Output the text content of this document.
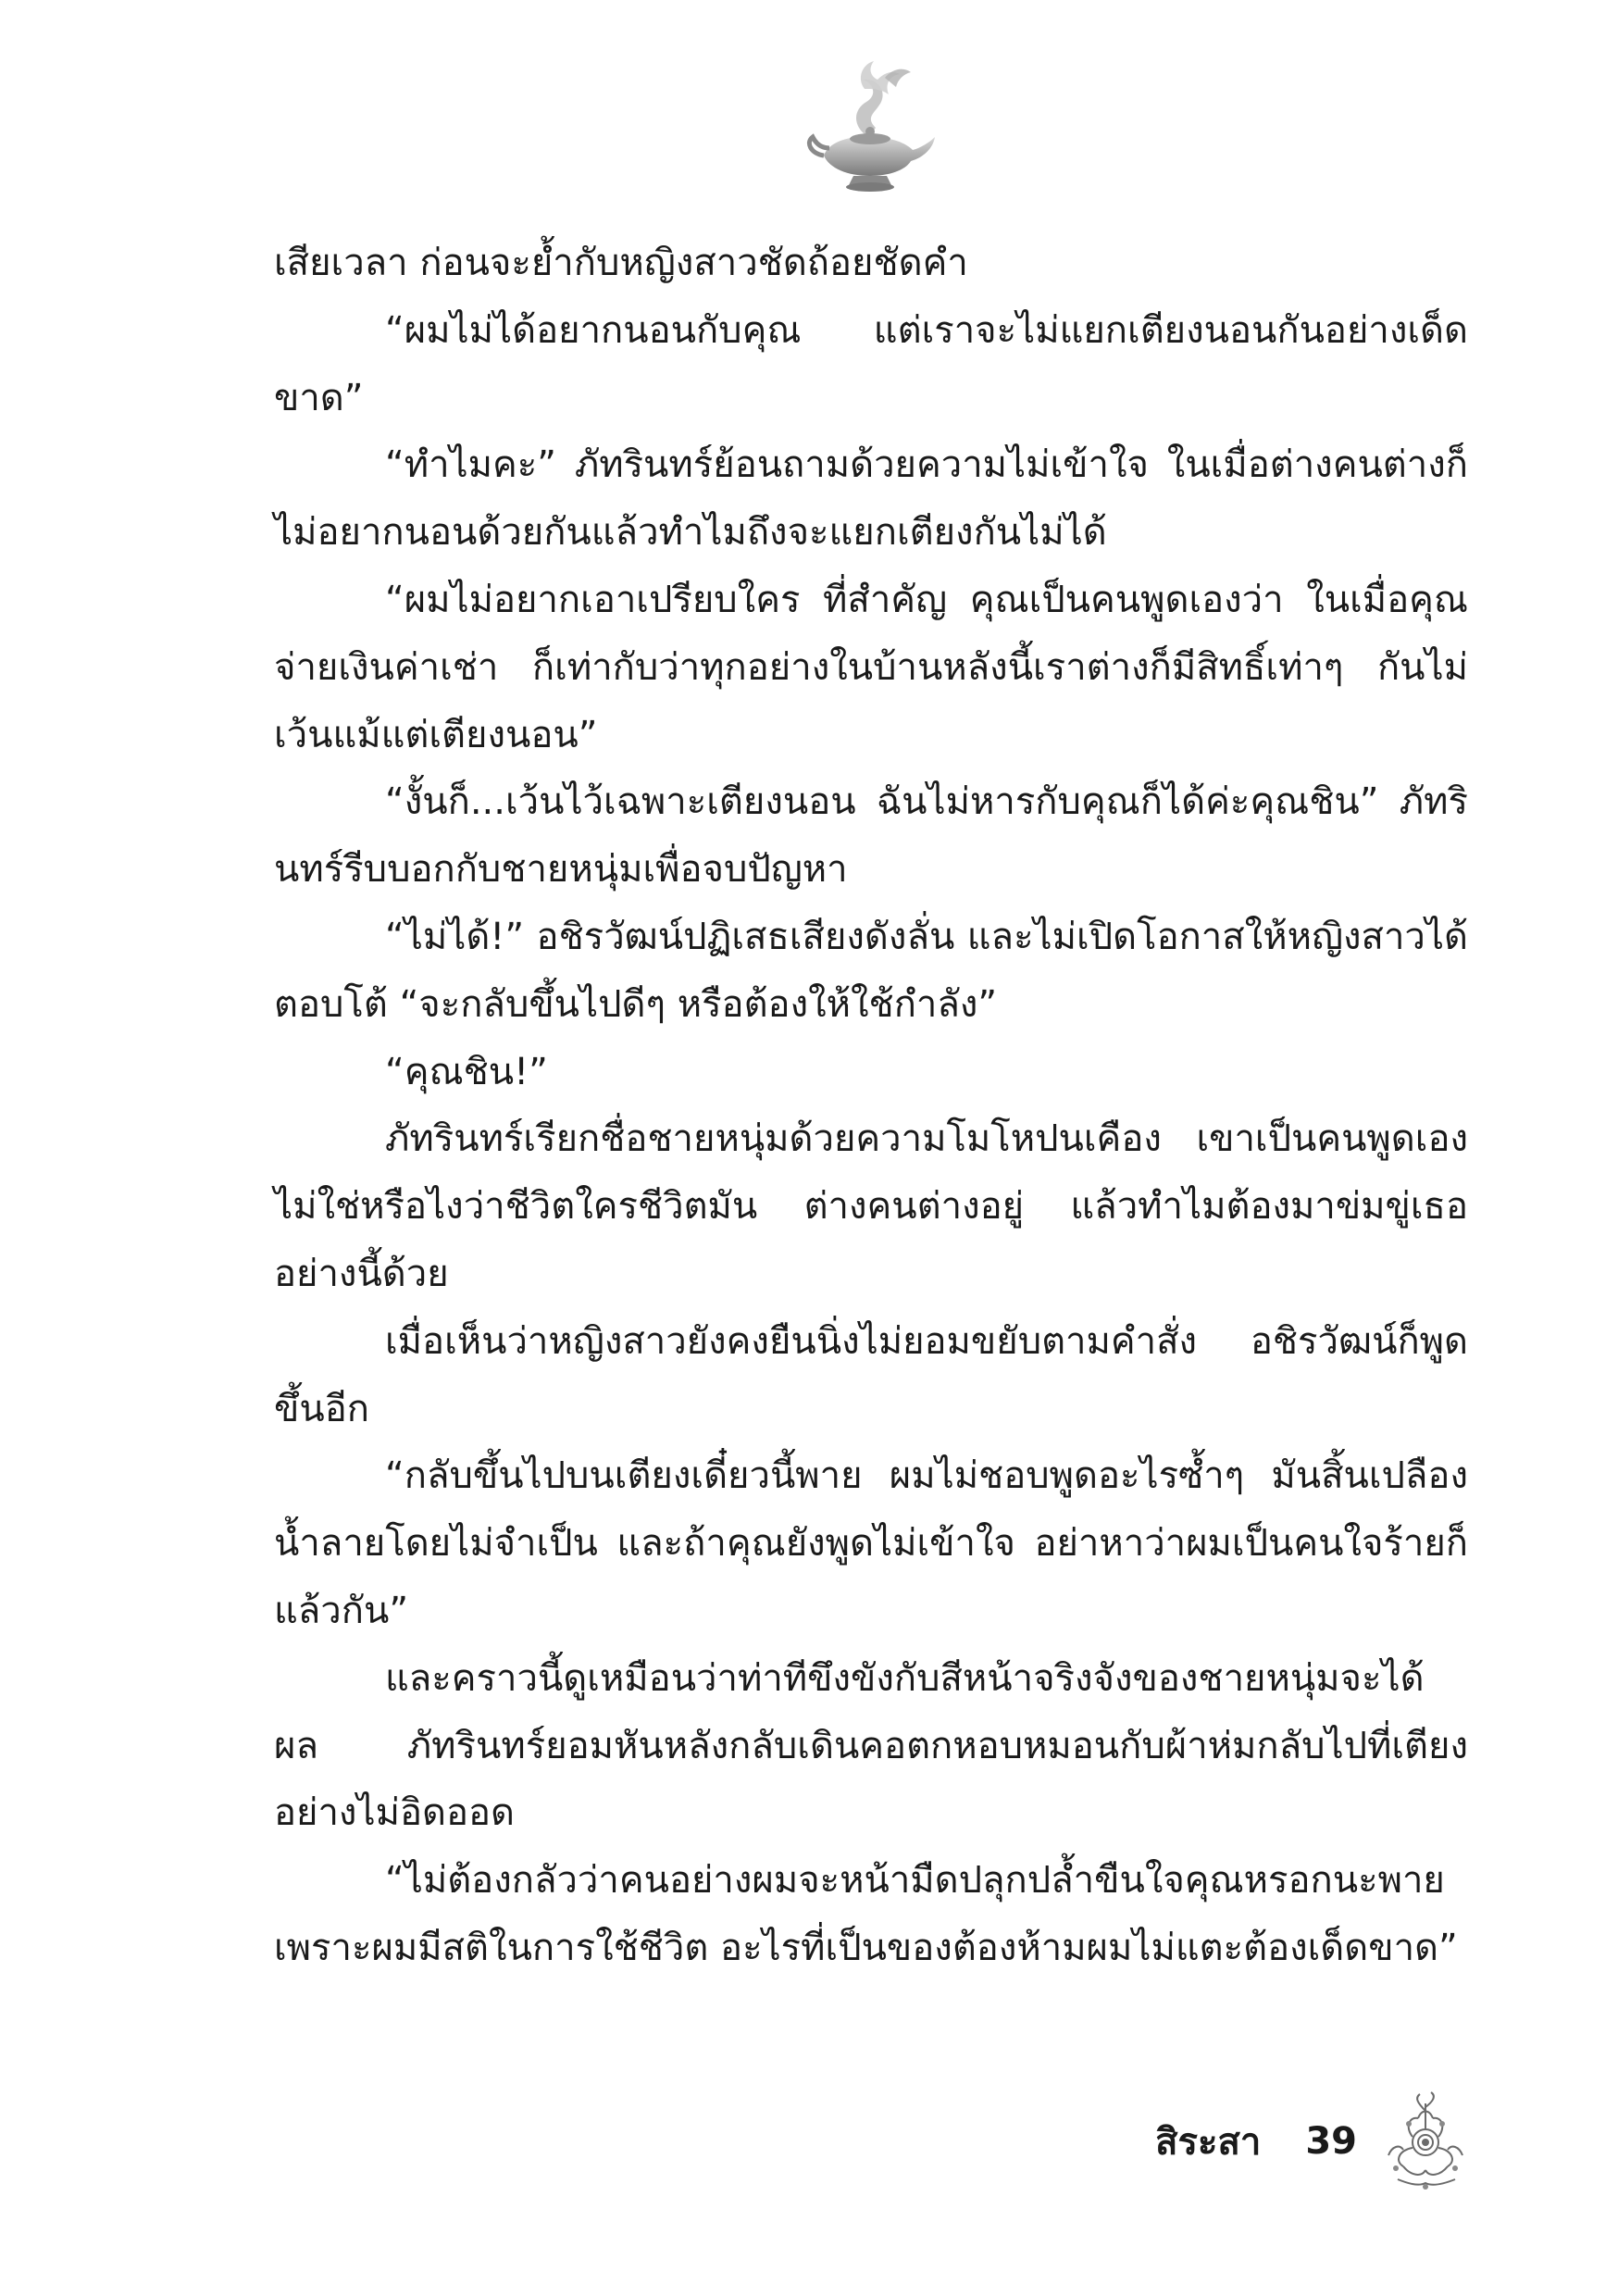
เสียเวลา ก่อนจะย้ำกับหญิงสาวชัดถ้อยชัดคำ

“ผมไม่ได้อยากนอนกับคุณ แต่เราจะไม่แยกเตียงนอนกันอย่างเด็ดขาด”

“ทำไมคะ” ภัทรินทร์ย้อนถามด้วยความไม่เข้าใจ ในเมื่อต่างคนต่างก็ไม่อยากนอนด้วยกันแล้วทำไมถึงจะแยกเตียงกันไม่ได้

“ผมไม่อยากเอาเปรียบใคร ที่สำคัญ คุณเป็นคนพูดเองว่า ในเมื่อคุณจ่ายเงินค่าเช่า ก็เท่ากับว่าทุกอย่างในบ้านหลังนี้เราต่างก็มีสิทธิ์เท่าๆ กันไม่เว้นแม้แต่เตียงนอน”

“งั้นก็...เว้นไว้เฉพาะเตียงนอน ฉันไม่หารกับคุณก็ได้ค่ะคุณชิน” ภัทรินทร์รีบบอกกับชายหนุ่มเพื่อจบปัญหา

“ไม่ได้!” อชิรวัฒน์ปฏิเสธเสียงดังลั่น และไม่เปิดโอกาสให้หญิงสาวได้ตอบโต้ “จะกลับขึ้นไปดีๆ หรือต้องให้ใช้กำลัง”

“คุณชิน!”

ภัทรินทร์เรียกชื่อชายหนุ่มด้วยความโมโหปนเคือง เขาเป็นคนพูดเองไม่ใช่หรือไงว่าชีวิตใครชีวิตมัน ต่างคนต่างอยู่ แล้วทำไมต้องมาข่มขู่เธออย่างนี้ด้วย

เมื่อเห็นว่าหญิงสาวยังคงยืนนิ่งไม่ยอมขยับตามคำสั่ง อชิรวัฒน์ก็พูดขึ้นอีก

“กลับขึ้นไปบนเตียงเดี๋ยวนี้พาย ผมไม่ชอบพูดอะไรซ้ำๆ มันสิ้นเปลืองน้ำลายโดยไม่จำเป็น และถ้าคุณยังพูดไม่เข้าใจ อย่าหาว่าผมเป็นคนใจร้ายก็แล้วกัน”

และคราวนี้ดูเหมือนว่าท่าทีขึงขังกับสีหน้าจริงจังของชายหนุ่มจะได้ผล ภัทรินทร์ยอมหันหลังกลับเดินคอตกหอบหมอนกับผ้าห่มกลับไปที่เตียงอย่างไม่อิดออด

“ไม่ต้องกลัวว่าคนอย่างผมจะหน้ามืดปลุกปล้ำขืนใจคุณหรอกนะพาย เพราะผมมีสติในการใช้ชีวิต อะไรที่เป็นของต้องห้ามผมไม่แตะต้องเด็ดขาด”

สิระสา 39
